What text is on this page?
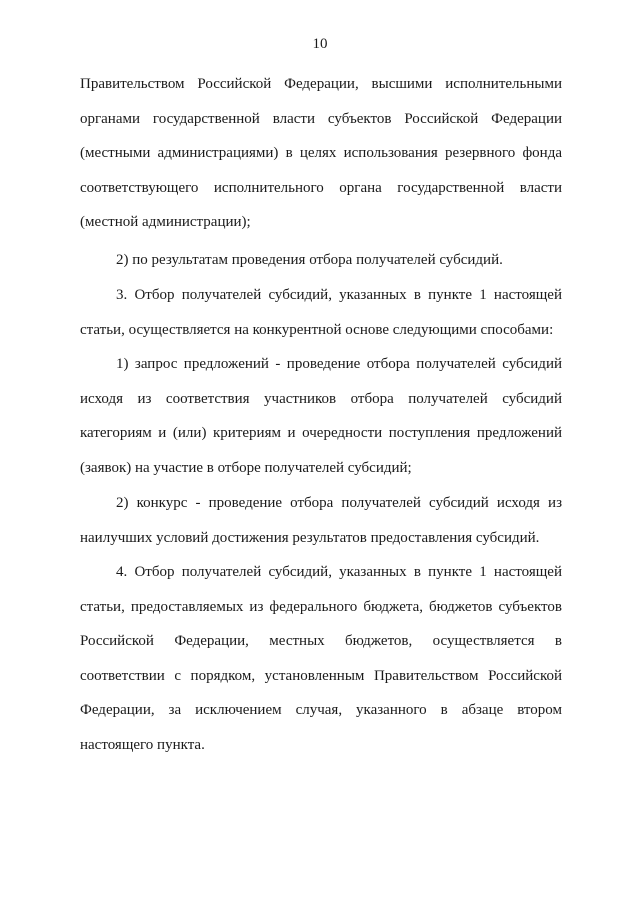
10

Правительством Российской Федерации, высшими исполнительными органами государственной власти субъектов Российской Федерации (местными администрациями) в целях использования резервного фонда соответствующего исполнительного органа государственной власти (местной администрации);

2) по результатам проведения отбора получателей субсидий.

3. Отбор получателей субсидий, указанных в пункте 1 настоящей статьи, осуществляется на конкурентной основе следующими способами:

1) запрос предложений - проведение отбора получателей субсидий исходя из соответствия участников отбора получателей субсидий категориям и (или) критериям и очередности поступления предложений (заявок) на участие в отборе получателей субсидий;

2) конкурс - проведение отбора получателей субсидий исходя из наилучших условий достижения результатов предоставления субсидий.

4. Отбор получателей субсидий, указанных в пункте 1 настоящей статьи, предоставляемых из федерального бюджета, бюджетов субъектов Российской Федерации, местных бюджетов, осуществляется в соответствии с порядком, установленным Правительством Российской Федерации, за исключением случая, указанного в абзаце втором настоящего пункта.
